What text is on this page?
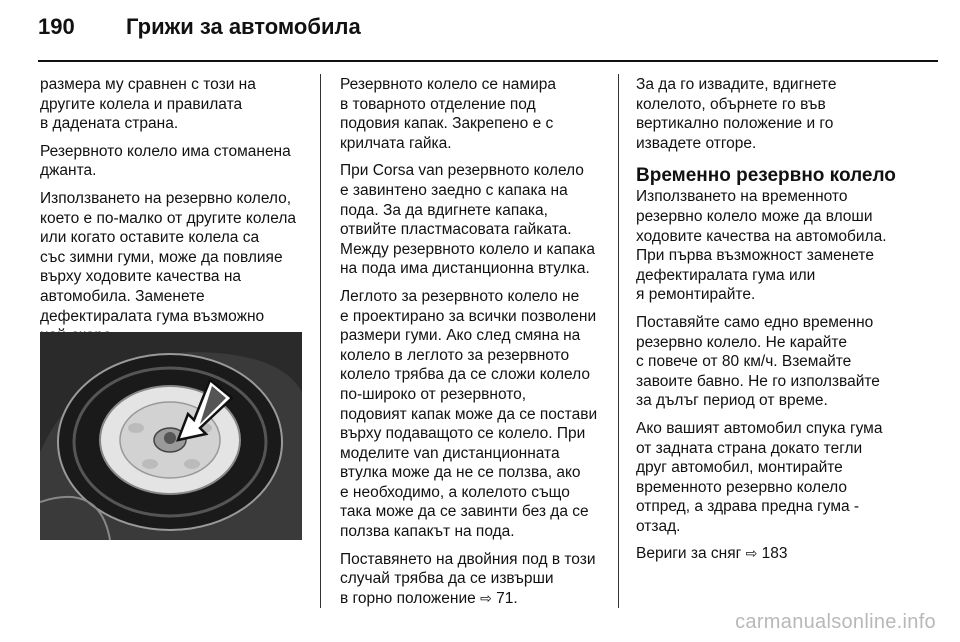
190	Грижи за автомобила

размера му сравнен с този на
другите колела и правилата
в дадената страна.

Резервното колело има стоманена
джанта.

Използването на резервно колело,
което е по-малко от другите колела
или когато оставите колела са
със зимни гуми, може да повлияе
върху ходовите качества на
автомобила. Заменете
дефектиралата гума възможно

Резервното колело се намира
в товарното отделение под
подовия капак. Закрепено е с
крилчата гайка.

При Corsa van резервното колело
е завинтено заедно с капака на
пода. За да вдигнете капака,
отвийте пластмасовата гайката.
Между резервното колело и капака
на пода има дистанционна втулка.

Леглото за резервното колело не
е проектирано за всички позволени
размери гуми. Ако след смяна на
колело в леглото за резервното
колело трябва да се сложи колело
по-широко от резервното,
подовият капак може да се постави
върху подаващото се колело. При
моделите van дистанционната
втулка може да не се ползва, ако
е необходимо, а колелото също
така може да се завинти без да се
ползва капакът на пода.

Поставянето на двойния под в този
случай трябва да се извърши
в горно положение ⇨ 71.

За да го извадите, вдигнете
колелото, обърнете го във
вертикално положение и го
извадете отгоре.

Временно резервно колело

Използването на временното
резервно колело може да влоши
ходовите качества на автомобила.
При първа възможност заменете
дефектиралата гума или
я ремонтирайте.

Поставяйте само едно временно
резервно колело. Не карайте
с повече от 80 км/ч. Вземайте
завоите бавно. Не го използвайте
за дълъг период от време.

Ако вашият автомобил спука гума
от задната страна докато тегли
друг автомобил, монтирайте
временното резервно колело
отпред, а здрава предна гума -
отзад.

Вериги за сняг ⇨ 183

carmanualsonline.info
